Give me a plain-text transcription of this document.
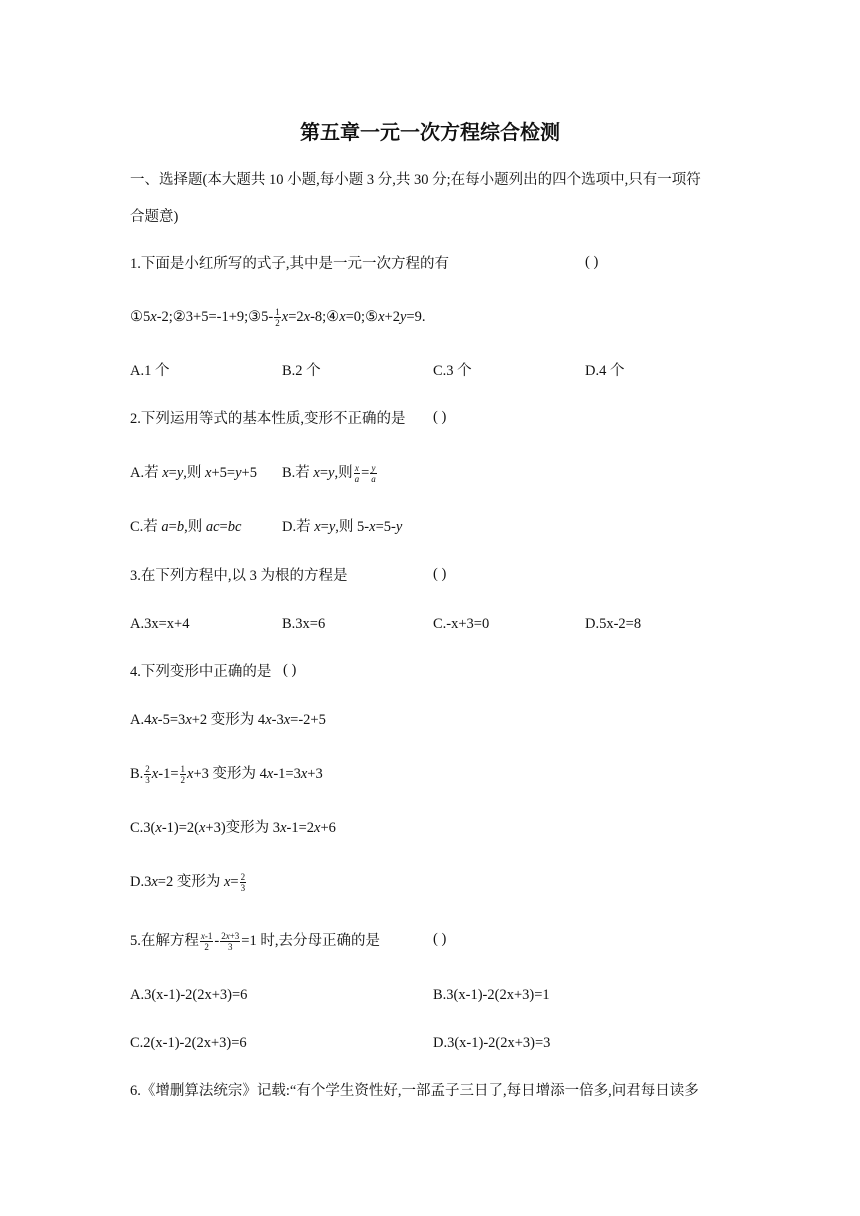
第五章一元一次方程综合检测
一、选择题(本大题共 10 小题,每小题 3 分,共 30 分;在每小题列出的四个选项中,只有一项符
合题意)
1.下面是小红所写的式子,其中是一元一次方程的有	( )
①5x-2;②3+5=-1+9;③5- $\frac{1}{2}$ x=2x-8;④x=0;⑤x+2y=9.
A.1 个	B.2 个	C.3 个	D.4 个
2.下列运用等式的基本性质,变形不正确的是 ( )
A.若 x=y,则 x+5=y+5 B.若 x=y,则 $\frac{x}{a} = \frac{y}{a}$
C.若 a=b,则 ac=bc	D.若 x=y,则 5-x=5-y
3.在下列方程中,以 3 为根的方程是	( )
A.3x=x+4	B.3x=6	C.-x+3=0	D.5x-2=8
4.下列变形中正确的是 ( )
A.4x-5=3x+2 变形为 4x-3x=-2+5
B. $\frac{2}{3} x-1= \frac{1}{2} x+3$ 变形为 4x-1=3x+3
C.3(x-1)=2(x+3)变形为 3x-1=2x+6
D.3x=2 变形为 $x= \frac{2}{3}$
5.在解方程 $\frac{x-1}{2} - \frac{2x+3}{3} =1$ 时,去分母正确的是	( )
A.3(x-1)-2(2x+3)=6	B.3(x-1)-2(2x+3)=1
C.2(x-1)-2(2x+3)=6	D.3(x-1)-2(2x+3)=3
6.《增删算法统宗》记载:“有个学生资性好,一部孟子三日了,每日增添一倍多,问君每日读多
